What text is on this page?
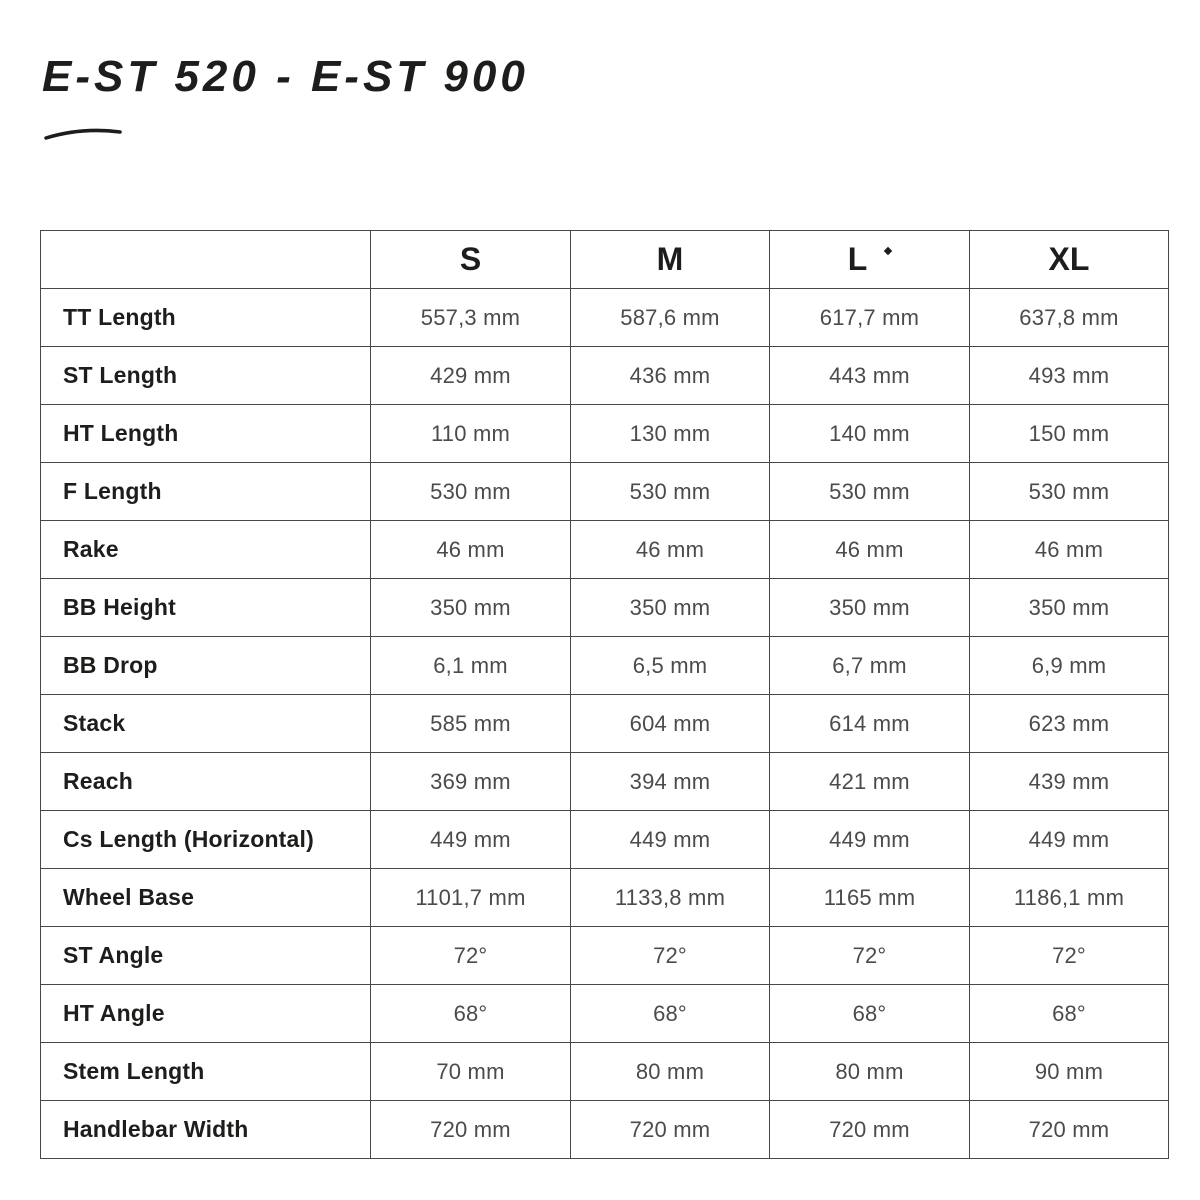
E-ST 520 - E-ST 900
	S	M	L	XL
TT Length	557,3 mm	587,6 mm	617,7 mm	637,8 mm
ST Length	429 mm	436 mm	443 mm	493 mm
HT Length	110 mm	130 mm	140 mm	150 mm
F Length	530 mm	530 mm	530 mm	530 mm
Rake	46 mm	46 mm	46 mm	46 mm
BB Height	350 mm	350 mm	350 mm	350 mm
BB Drop	6,1 mm	6,5 mm	6,7 mm	6,9 mm
Stack	585 mm	604 mm	614 mm	623 mm
Reach	369 mm	394 mm	421 mm	439 mm
Cs Length (Horizontal)	449 mm	449 mm	449 mm	449 mm
Wheel Base	1101,7 mm	1133,8 mm	1165 mm	1186,1 mm
ST Angle	72°	72°	72°	72°
HT Angle	68°	68°	68°	68°
Stem Length	70 mm	80 mm	80 mm	90 mm
Handlebar Width	720 mm	720 mm	720 mm	720 mm
